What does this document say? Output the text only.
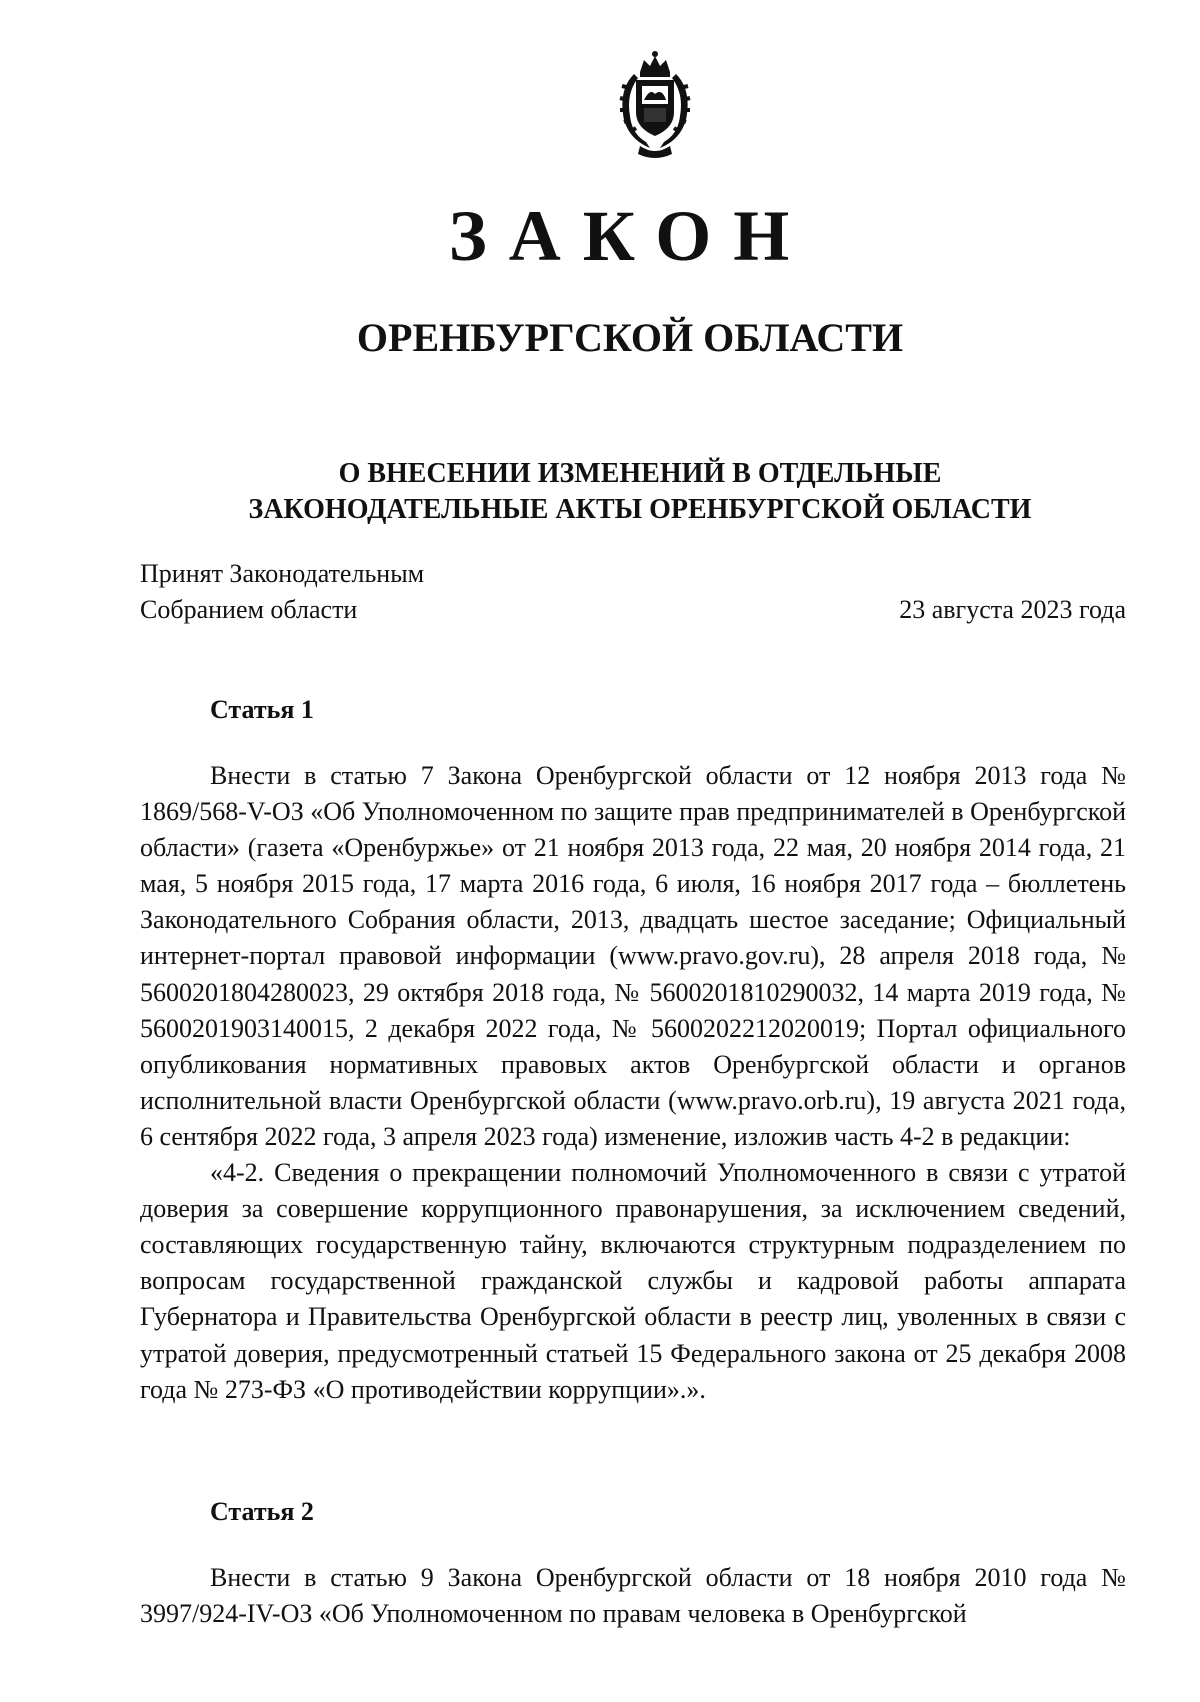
ЗАКОН
ОРЕНБУРГСКОЙ ОБЛАСТИ
О ВНЕСЕНИИ ИЗМЕНЕНИЙ В ОТДЕЛЬНЫЕ
ЗАКОНОДАТЕЛЬНЫЕ АКТЫ ОРЕНБУРГСКОЙ ОБЛАСТИ
Принят Законодательным
Собранием области	23 августа 2023 года
Статья 1

Внести в статью 7 Закона Оренбургской области от 12 ноября 2013 года № 1869/568-V-ОЗ «Об Уполномоченном по защите прав предпринимателей в Оренбургской области» (газета «Оренбуржье» от 21 ноября 2013 года, 22 мая, 20 ноября 2014 года, 21 мая, 5 ноября 2015 года, 17 марта 2016 года, 6 июля, 16 ноября 2017 года – бюллетень Законодательного Собрания области, 2013, двадцать шестое заседание; Официальный интернет-портал правовой информации (www.pravo.gov.ru), 28 апреля 2018 года, № 5600201804280023, 29 октября 2018 года, № 5600201810290032, 14 марта 2019 года, № 5600201903140015, 2 декабря 2022 года, № 5600202212020019; Портал официального опубликования нормативных правовых актов Оренбургской области и органов исполнительной власти Оренбургской области (www.pravo.orb.ru), 19 августа 2021 года, 6 сентября 2022 года, 3 апреля 2023 года) изменение, изложив часть 4-2 в редакции:

«4-2. Сведения о прекращении полномочий Уполномоченного в связи с утратой доверия за совершение коррупционного правонарушения, за исключением сведений, составляющих государственную тайну, включаются структурным подразделением по вопросам государственной гражданской службы и кадровой работы аппарата Губернатора и Правительства Оренбургской области в реестр лиц, уволенных в связи с утратой доверия, предусмотренный статьей 15 Федерального закона от 25 декабря 2008 года № 273-ФЗ «О противодействии коррупции».».

Статья 2

Внести в статью 9 Закона Оренбургской области от 18 ноября 2010 года № 3997/924-IV-ОЗ «Об Уполномоченном по правам человека в Оренбургской
